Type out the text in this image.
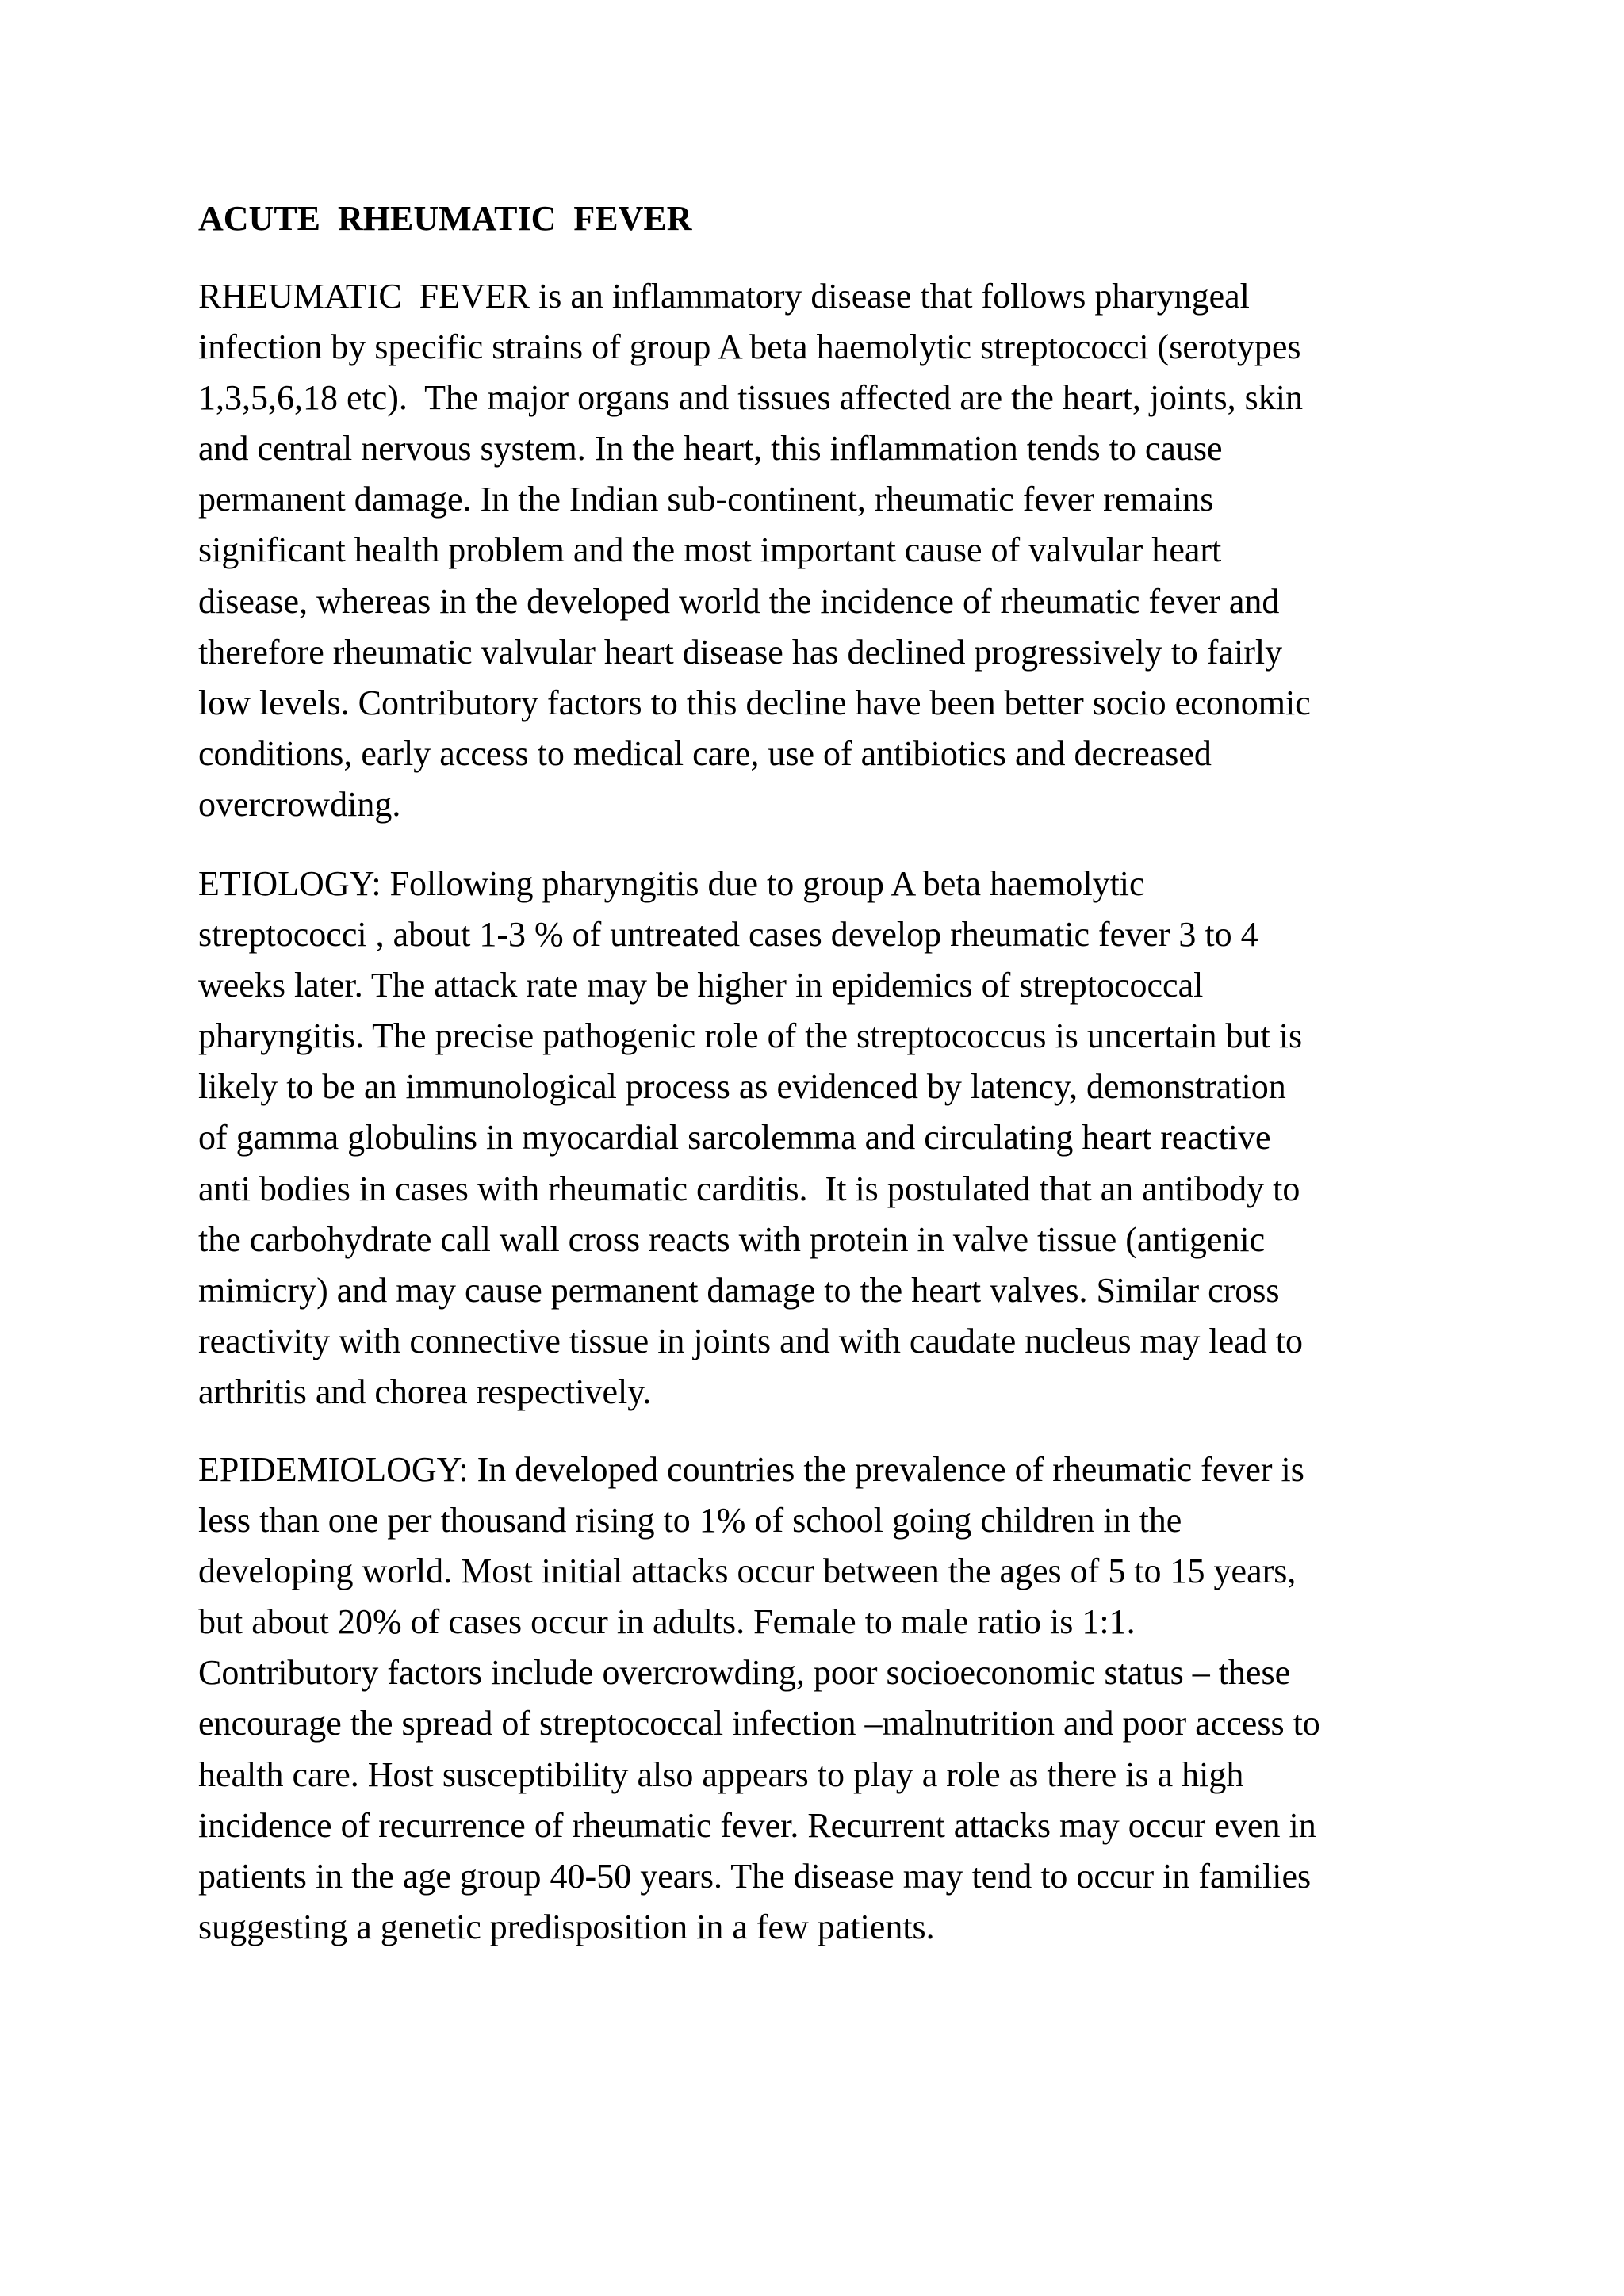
ACUTE  RHEUMATIC  FEVER
RHEUMATIC  FEVER is an inflammatory disease that follows pharyngeal
infection by specific strains of group A beta haemolytic streptococci (serotypes
1,3,5,6,18 etc).  The major organs and tissues affected are the heart, joints, skin
and central nervous system. In the heart, this inflammation tends to cause
permanent damage. In the Indian sub-continent, rheumatic fever remains
significant health problem and the most important cause of valvular heart
disease, whereas in the developed world the incidence of rheumatic fever and
therefore rheumatic valvular heart disease has declined progressively to fairly
low levels. Contributory factors to this decline have been better socio economic
conditions, early access to medical care, use of antibiotics and decreased
overcrowding.
ETIOLOGY: Following pharyngitis due to group A beta haemolytic
streptococci , about 1-3 % of untreated cases develop rheumatic fever 3 to 4
weeks later. The attack rate may be higher in epidemics of streptococcal
pharyngitis. The precise pathogenic role of the streptococcus is uncertain but is
likely to be an immunological process as evidenced by latency, demonstration
of gamma globulins in myocardial sarcolemma and circulating heart reactive
anti bodies in cases with rheumatic carditis.  It is postulated that an antibody to
the carbohydrate call wall cross reacts with protein in valve tissue (antigenic
mimicry) and may cause permanent damage to the heart valves. Similar cross
reactivity with connective tissue in joints and with caudate nucleus may lead to
arthritis and chorea respectively.
EPIDEMIOLOGY: In developed countries the prevalence of rheumatic fever is
less than one per thousand rising to 1% of school going children in the
developing world. Most initial attacks occur between the ages of 5 to 15 years,
but about 20% of cases occur in adults. Female to male ratio is 1:1.
Contributory factors include overcrowding, poor socioeconomic status – these
encourage the spread of streptococcal infection –malnutrition and poor access to
health care. Host susceptibility also appears to play a role as there is a high
incidence of recurrence of rheumatic fever. Recurrent attacks may occur even in
patients in the age group 40-50 years. The disease may tend to occur in families
suggesting a genetic predisposition in a few patients.
